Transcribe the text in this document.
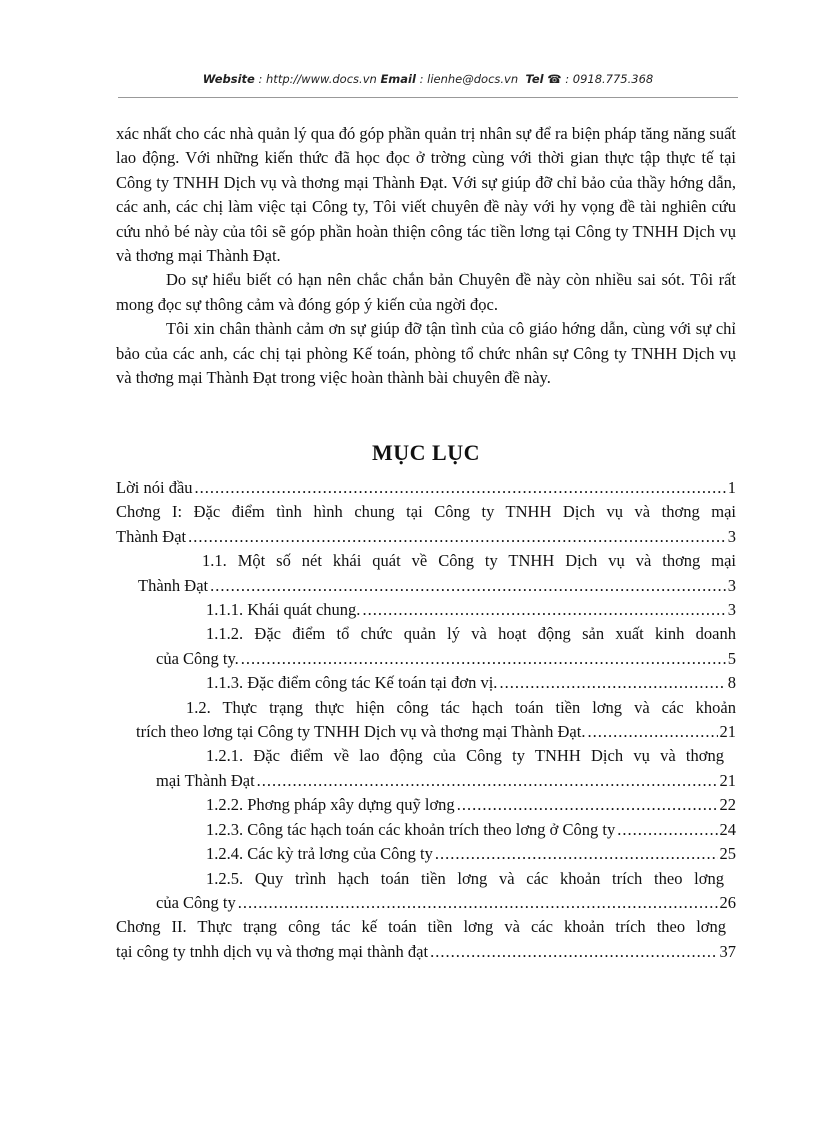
Website : http://www.docs.vn Email : lienhe@docs.vn Tel ☎ : 0918.775.368

xác nhất cho các nhà quản lý qua đó góp phần quản trị nhân sự để ra biện pháp tăng năng suất lao động. Với những kiến thức đã học đọc ở trờng cùng với thời gian thực tập thực tế tại Công ty TNHH Dịch vụ và thơng mại Thành Đạt. Với sự giúp đỡ chỉ bảo của thầy hớng dẫn, các anh, các chị làm việc tại Công ty, Tôi viết chuyên đề này với hy vọng đề tài nghiên cứu cứu nhỏ bé này của tôi sẽ góp phần hoàn thiện công tác tiền lơng tại Công ty TNHH Dịch vụ và thơng mại Thành Đạt.

Do sự hiểu biết có hạn nên chắc chắn bản Chuyên đề này còn nhiều sai sót. Tôi rất mong đọc sự thông cảm và đóng góp ý kiến của ngời đọc.

Tôi xin chân thành cảm ơn sự giúp đỡ tận tình của cô giáo hớng dẫn, cùng với sự chỉ bảo của các anh, các chị tại phòng Kế toán, phòng tổ chức nhân sự Công ty TNHH Dịch vụ và thơng mại Thành Đạt trong việc hoàn thành bài chuyên đề này.

MỤC LỤC
Lời nói đầu .....	1
Chơng I: Đặc điểm tình hình chung tại Công ty TNHH Dịch vụ và thơng mại
Thành Đạt .....	3
1.1. Một số nét khái quát về Công ty TNHH Dịch vụ và thơng mại
Thành Đạt .....	3
1.1.1. Khái quát chung. .....	3
1.1.2. Đặc điểm tổ chức quản lý và hoạt động sản xuất kinh doanh
của Công ty. .....	5
1.1.3. Đặc điểm công tác Kế toán tại đơn vị. .....	8
1.2. Thực trạng thực hiện công tác hạch toán tiền lơng và các khoản
trích theo lơng tại Công ty TNHH Dịch vụ và thơng mại Thành Đạt. .....	21
1.2.1. Đặc điểm về lao động của Công ty TNHH Dịch vụ và thơng
mại Thành Đạt .....	21
1.2.2. Phơng pháp xây dựng quỹ lơng .....	22
1.2.3. Công tác hạch toán các khoản trích theo lơng ở Công ty .....	24
1.2.4. Các kỳ trả lơng của Công ty .....	25
1.2.5. Quy trình hạch toán tiền lơng và các khoản trích theo lơng
của Công ty .....	26
Chơng II. Thực trạng công tác kế toán tiền lơng và các khoản trích theo lơng
tại công ty tnhh dịch vụ và thơng mại thành đạt .....	37
